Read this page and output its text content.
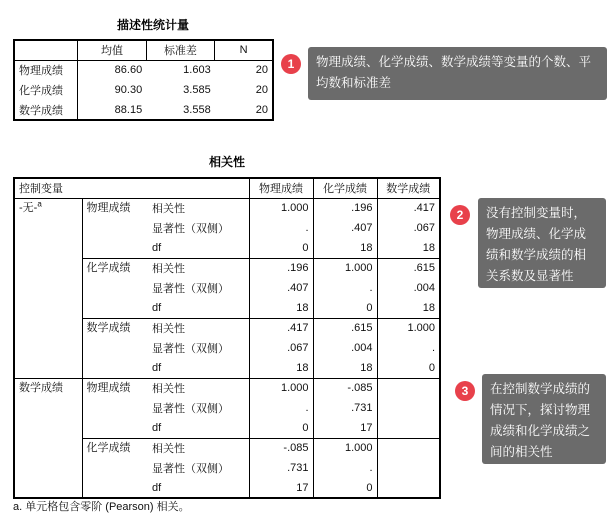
描述性统计量
	均值	标准差	N
物理成绩	86.60	1.603	20
化学成绩	90.30	3.585	20
数学成绩	88.15	3.558	20
1	物理成绩、化学成绩、数学成绩等变量的个数、平均数和标准差
相关性
控制变量			物理成绩	化学成绩	数学成绩
-无-$^a$	物理成绩	相关性	1.000	.196	.417
		显著性（双侧）	.	.407	.067
		df	0	18	18
	化学成绩	相关性	.196	1.000	.615
		显著性（双侧）	.407	.	.004
		df	18	0	18
	数学成绩	相关性	.417	.615	1.000
		显著性（双侧）	.067	.004	.
		df	18	18	0
数学成绩	物理成绩	相关性	1.000	-.085	
		显著性（双侧）	.	.731	
		df	0	17	
	化学成绩	相关性	-.085	1.000	
		显著性（双侧）	.731	.	
		df	17	0	
a. 单元格包含零阶 (Pearson) 相关。
2	没有控制变量时，物理成绩、化学成绩和数学成绩的相关系数及显著性
3	在控制数学成绩的情况下，探讨物理成绩和化学成绩之间的相关性
